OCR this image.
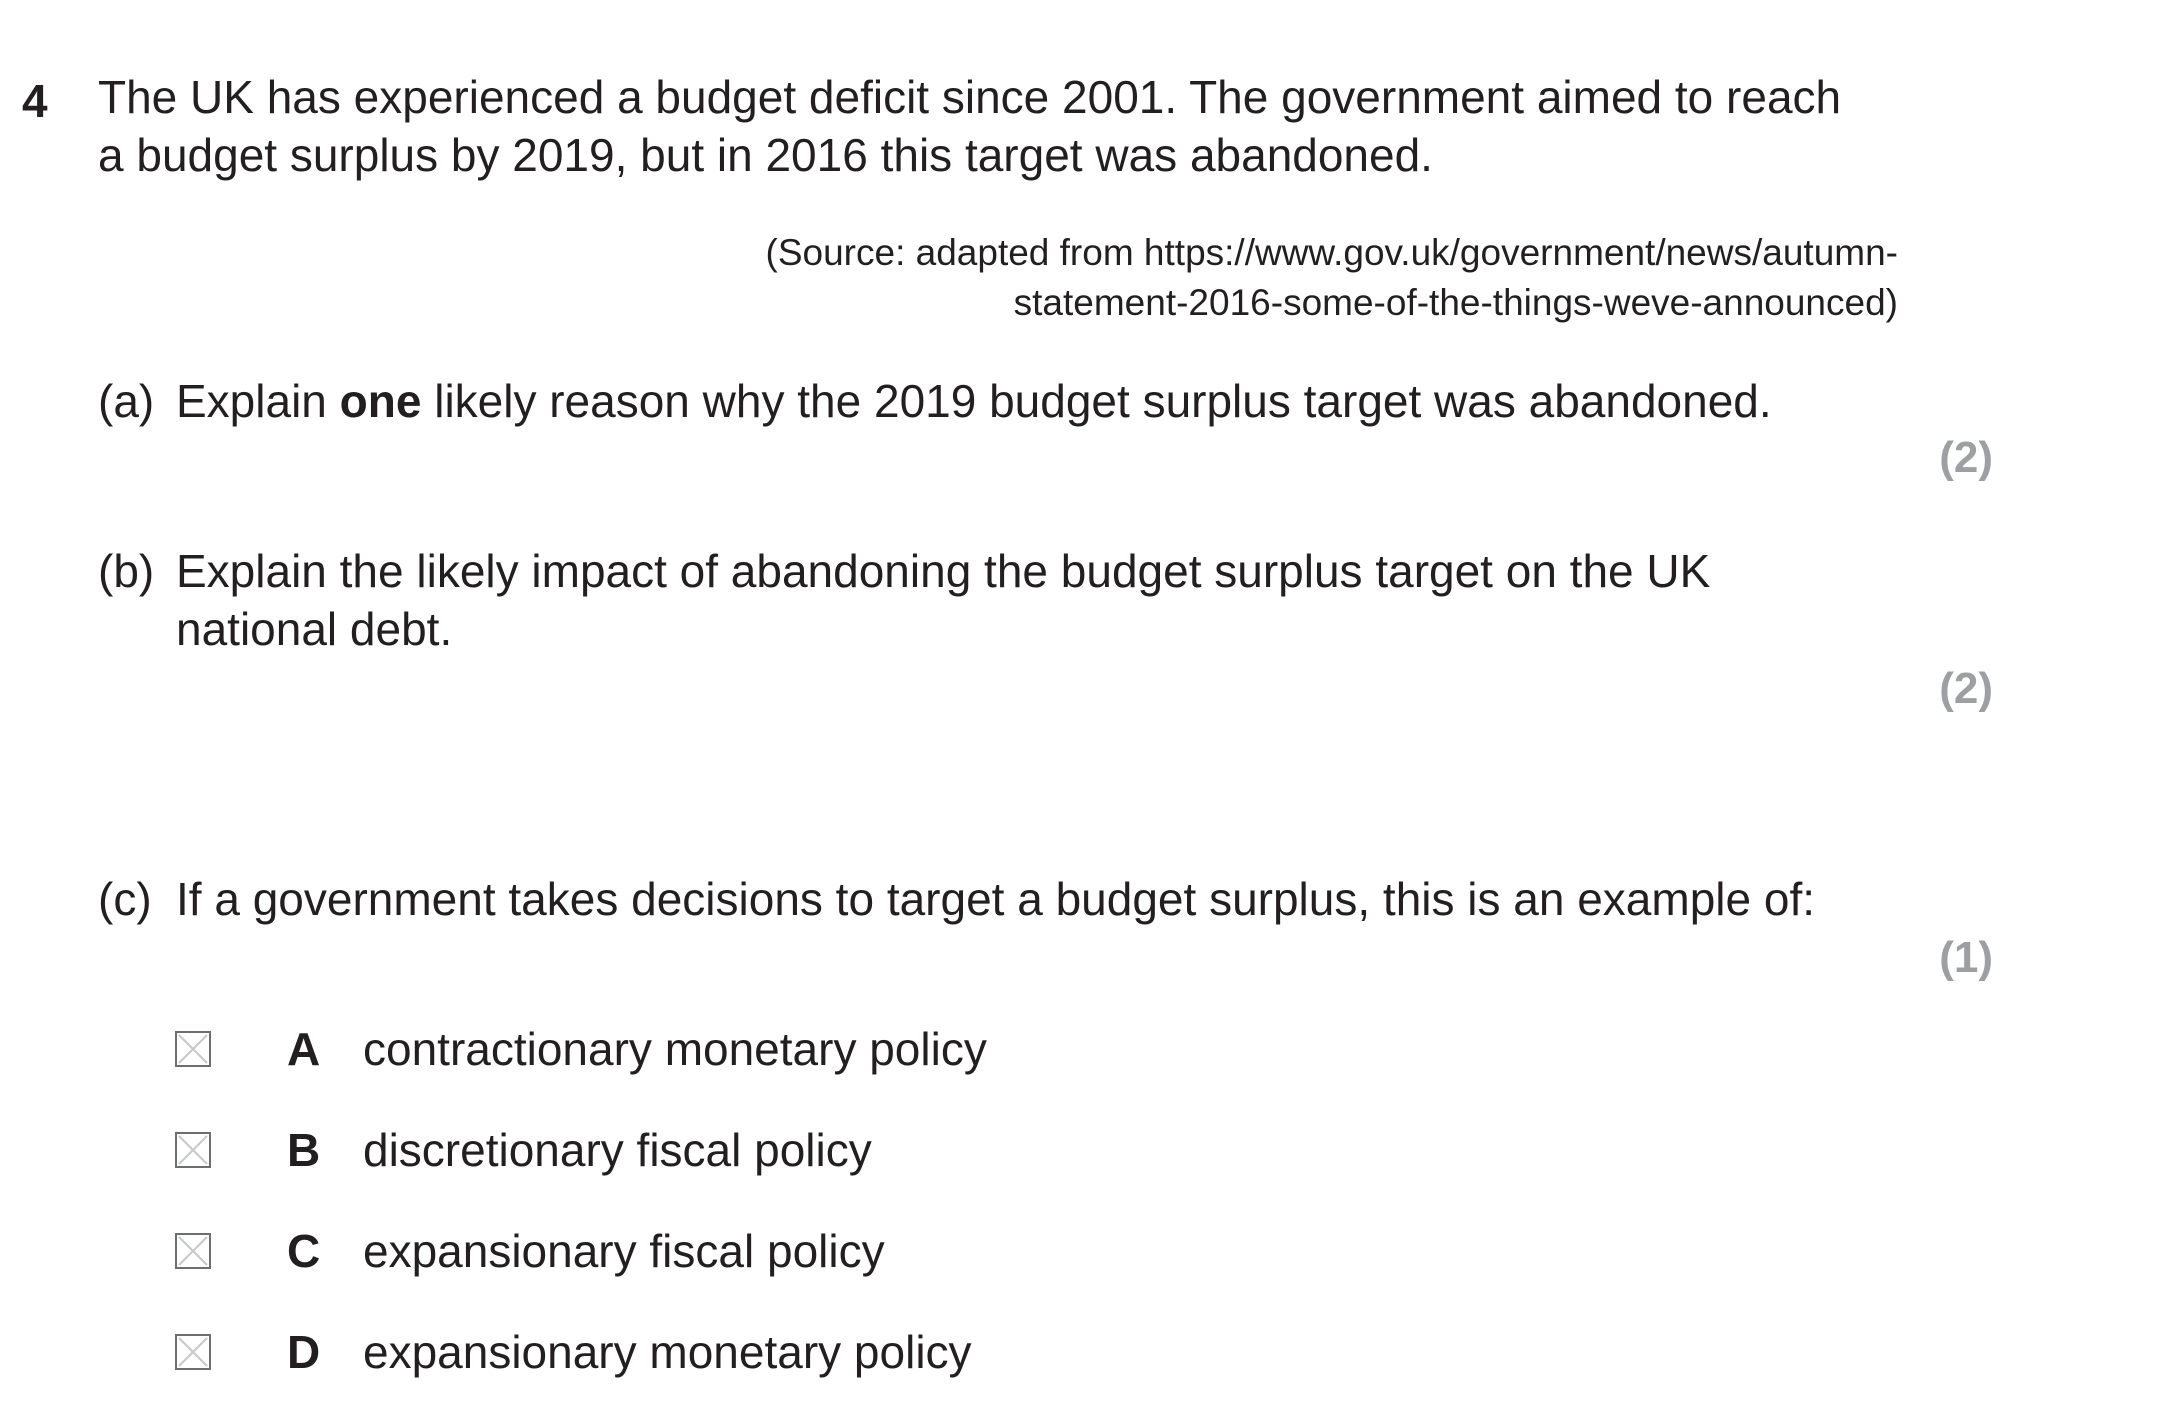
4 The UK has experienced a budget deficit since 2001. The government aimed to reach
a budget surplus by 2019, but in 2016 this target was abandoned.
(Source: adapted from https://www.gov.uk/government/news/autumn-
statement-2016-some-of-the-things-weve-announced)
(a) Explain one likely reason why the 2019 budget surplus target was abandoned.
(2)
(b) Explain the likely impact of abandoning the budget surplus target on the UK
national debt.
(2)
(c) If a government takes decisions to target a budget surplus, this is an example of:
(1)
A contractionary monetary policy
B discretionary fiscal policy
C expansionary fiscal policy
D expansionary monetary policy
